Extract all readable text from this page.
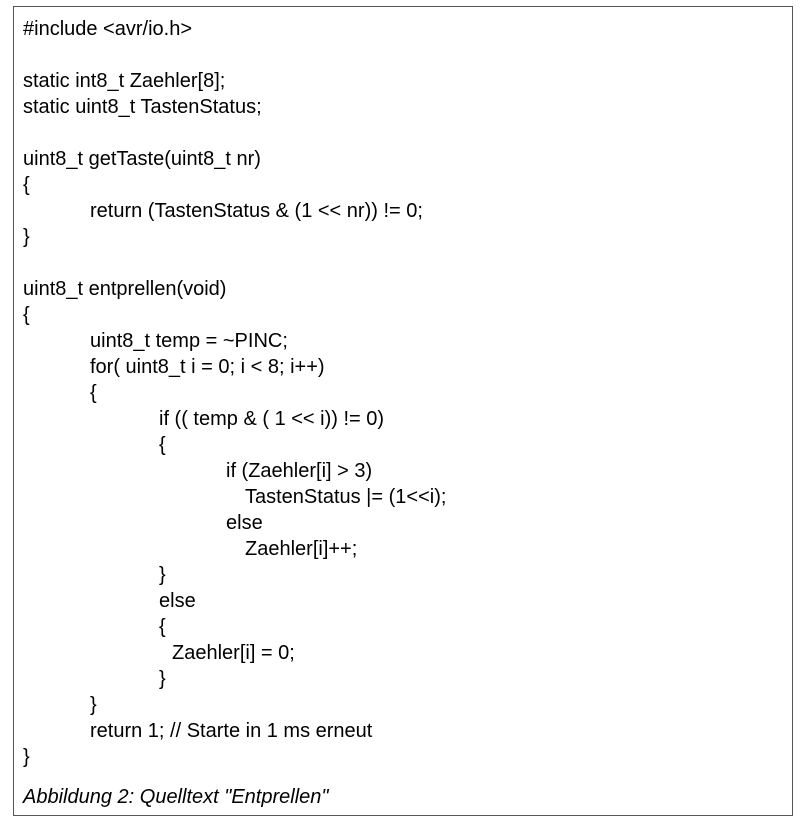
#include <avr/io.h>
static int8_t Zaehler[8];
static uint8_t TastenStatus;
uint8_t getTaste(uint8_t nr)
{
return (TastenStatus & (1 << nr)) != 0;
}
uint8_t entprellen(void)
{
uint8_t temp = ~PINC;
for( uint8_t i = 0; i < 8; i++)
{
if (( temp & ( 1 << i)) != 0)
{
if (Zaehler[i] > 3)
TastenStatus |= (1<<i);
else
Zaehler[i]++;
}
else
{
Zaehler[i] = 0;
}
}
return 1; // Starte in 1 ms erneut
}
Abbildung 2: Quelltext "Entprellen"
